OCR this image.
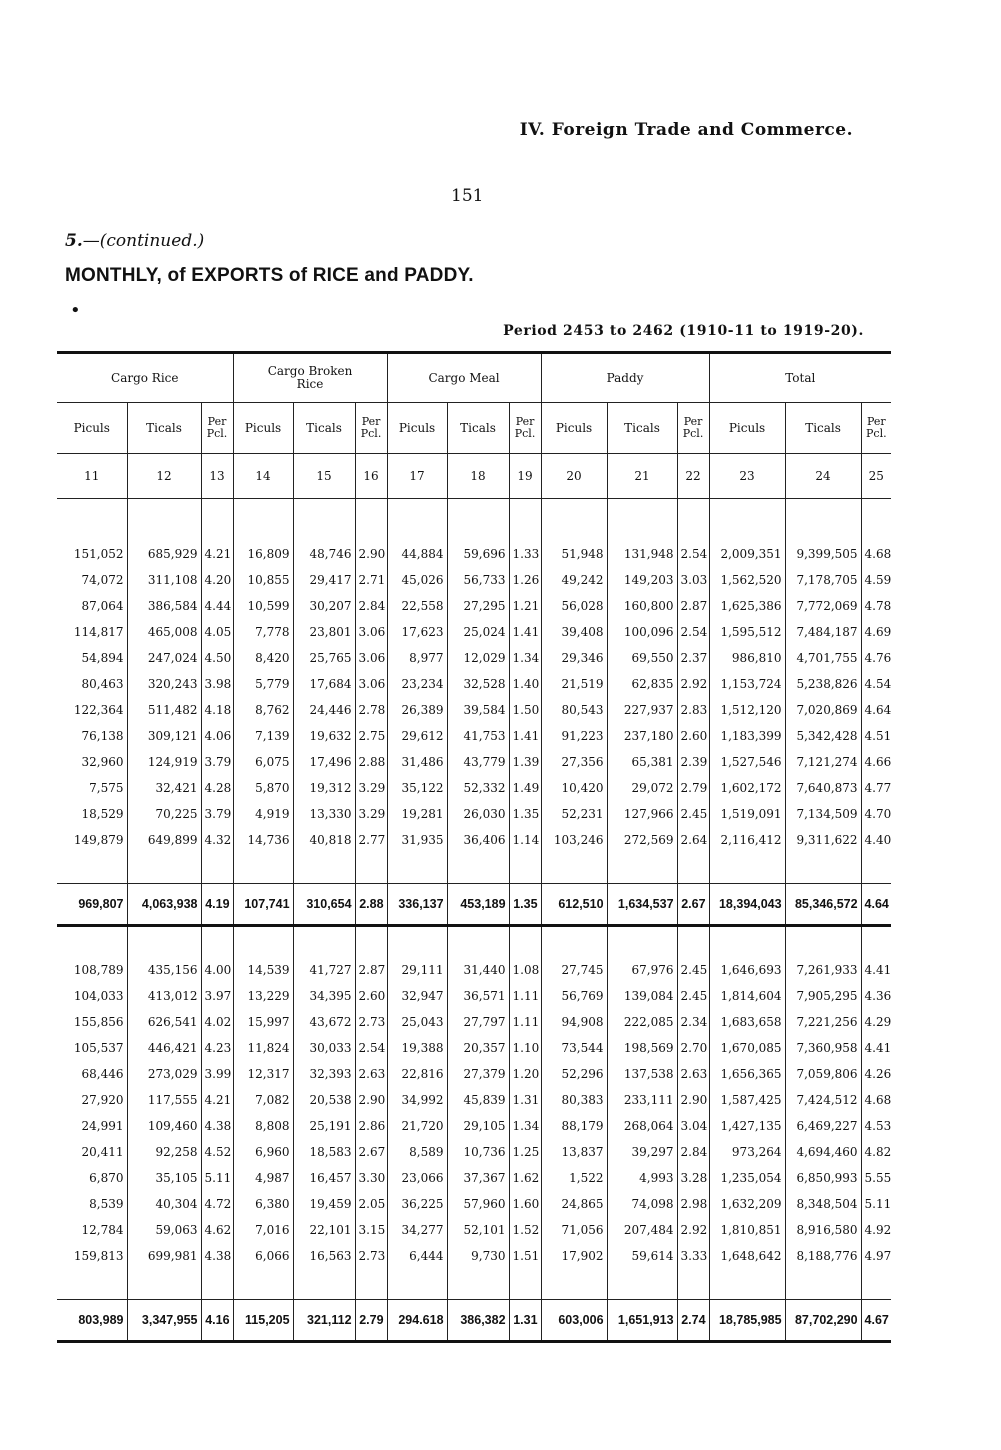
IV. Foreign Trade and Commerce.
151
5.—(continued.)
MONTHLY, of EXPORTS of RICE and PADDY.
•
Period 2453 to 2462 (1910-11 to 1919-20).
Cargo Rice			Cargo Broken Rice			Cargo Meal			Paddy			Total		
Piculs	Ticals	Per Pcl.	Piculs	Ticals	Per Pcl.	Piculs	Ticals	Per Pcl.	Piculs	Ticals	Per Pcl.	Piculs	Ticals	Per Pcl.
11	12	13	14	15	16	17	18	19	20	21	22	23	24	25

151,052	685,929	4.21	16,809	48,746	2.90	44,884	59,696	1.33	51,948	131,948	2.54	2,009,351	9,399,505	4.68
74,072	311,108	4.20	10,855	29,417	2.71	45,026	56,733	1.26	49,242	149,203	3.03	1,562,520	7,178,705	4.59
87,064	386,584	4.44	10,599	30,207	2.84	22,558	27,295	1.21	56,028	160,800	2.87	1,625,386	7,772,069	4.78
114,817	465,008	4.05	7,778	23,801	3.06	17,623	25,024	1.41	39,408	100,096	2.54	1,595,512	7,484,187	4.69
54,894	247,024	4.50	8,420	25,765	3.06	8,977	12,029	1.34	29,346	69,550	2.37	986,810	4,701,755	4.76
80,463	320,243	3.98	5,779	17,684	3.06	23,234	32,528	1.40	21,519	62,835	2.92	1,153,724	5,238,826	4.54
122,364	511,482	4.18	8,762	24,446	2.78	26,389	39,584	1.50	80,543	227,937	2.83	1,512,120	7,020,869	4.64
76,138	309,121	4.06	7,139	19,632	2.75	29,612	41,753	1.41	91,223	237,180	2.60	1,183,399	5,342,428	4.51
32,960	124,919	3.79	6,075	17,496	2.88	31,486	43,779	1.39	27,356	65,381	2.39	1,527,546	7,121,274	4.66
7,575	32,421	4.28	5,870	19,312	3.29	35,122	52,332	1.49	10,420	29,072	2.79	1,602,172	7,640,873	4.77
18,529	70,225	3.79	4,919	13,330	3.29	19,281	26,030	1.35	52,231	127,966	2.45	1,519,091	7,134,509	4.70
149,879	649,899	4.32	14,736	40,818	2.77	31,935	36,406	1.14	103,246	272,569	2.64	2,116,412	9,311,622	4.40

969,807	4,063,938	4.19	107,741	310,654	2.88	336,137	453,189	1.35	612,510	1,634,537	2.67	18,394,043	85,346,572	4.64

108,789	435,156	4.00	14,539	41,727	2.87	29,111	31,440	1.08	27,745	67,976	2.45	1,646,693	7,261,933	4.41
104,033	413,012	3.97	13,229	34,395	2.60	32,947	36,571	1.11	56,769	139,084	2.45	1,814,604	7,905,295	4.36
155,856	626,541	4.02	15,997	43,672	2.73	25,043	27,797	1.11	94,908	222,085	2.34	1,683,658	7,221,256	4.29
105,537	446,421	4.23	11,824	30,033	2.54	19,388	20,357	1.10	73,544	198,569	2.70	1,670,085	7,360,958	4.41
68,446	273,029	3.99	12,317	32,393	2.63	22,816	27,379	1.20	52,296	137,538	2.63	1,656,365	7,059,806	4.26
27,920	117,555	4.21	7,082	20,538	2.90	34,992	45,839	1.31	80,383	233,111	2.90	1,587,425	7,424,512	4.68
24,991	109,460	4.38	8,808	25,191	2.86	21,720	29,105	1.34	88,179	268,064	3.04	1,427,135	6,469,227	4.53
20,411	92,258	4.52	6,960	18,583	2.67	8,589	10,736	1.25	13,837	39,297	2.84	973,264	4,694,460	4.82
6,870	35,105	5.11	4,987	16,457	3.30	23,066	37,367	1.62	1,522	4,993	3.28	1,235,054	6,850,993	5.55
8,539	40,304	4.72	6,380	19,459	2.05	36,225	57,960	1.60	24,865	74,098	2.98	1,632,209	8,348,504	5.11
12,784	59,063	4.62	7,016	22,101	3.15	34,277	52,101	1.52	71,056	207,484	2.92	1,810,851	8,916,580	4.92
159,813	699,981	4.38	6,066	16,563	2.73	6,444	9,730	1.51	17,902	59,614	3.33	1,648,642	8,188,776	4.97

803,989	3,347,955	4.16	115,205	321,112	2.79	294.618	386,382	1.31	603,006	1,651,913	2.74	18,785,985	87,702,290	4.67
